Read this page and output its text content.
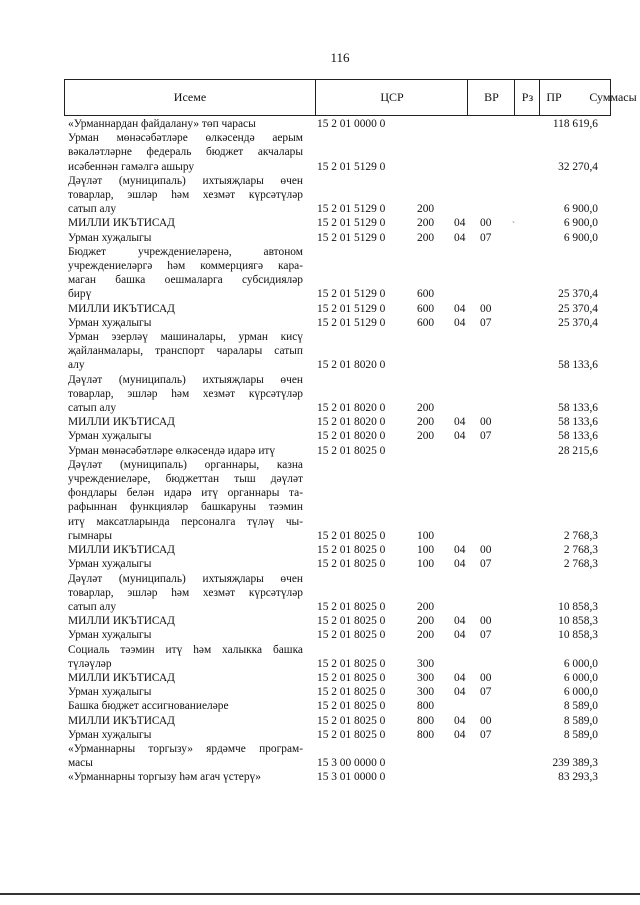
116
Исеме	ЦСР	ВР	Рз	ПР	Суммасы
«Урманнардан файдалану» төп чарасы	15 2 01 0000 0	118 619,6
Урман мөнәсәбәтләре өлкәсендә аерым
вәкаләтләрне федераль бюджет акчалары
исәбеннән гамәлгә ашыру	15 2 01 5129 0	32 270,4
Дәүләт (муниципаль) ихтыяҗлары өчен
товарлар, эшләр һәм хезмәт күрсәтүләр
сатып алу	15 2 01 5129 0	200	6 900,0
МИЛЛИ ИКЪТИСАД	15 2 01 5129 0	200 04 00	6 900,0
Урман хуҗалыгы	15 2 01 5129 0	200 04 07	6 900,0
Бюджет учреждениеләренә, автоном
учреждениеләргә һәм коммерциягә кара-
маган башка оешмаларга субсидияләр
бирү	15 2 01 5129 0	600	25 370,4
МИЛЛИ ИКЪТИСАД	15 2 01 5129 0	600 04 00	25 370,4
Урман хуҗалыгы	15 2 01 5129 0	600 04 07	25 370,4
Урман эзерләү машиналары, урман кисү
җайланмалары, транспорт чаралары сатып
алу	15 2 01 8020 0	58 133,6
Дәүләт (муниципаль) ихтыяҗлары өчен
товарлар, эшләр һәм хезмәт күрсәтүләр
сатып алу	15 2 01 8020 0	200	58 133,6
МИЛЛИ ИКЪТИСАД	15 2 01 8020 0	200 04 00	58 133,6
Урман хуҗалыгы	15 2 01 8020 0	200 04 07	58 133,6
Урман мөнәсәбәтләре өлкәсендә идарә итү	15 2 01 8025 0	28 215,6
Дәүләт (муниципаль) органнары, казна
учреждениеләре, бюджеттан тыш дәүләт
фондлары белән идарә итү органнары та-
рафыннан функцияләр башкаруны тәэмин
итү максатларында персоналга түләү чы-
гымнары	15 2 01 8025 0	100	2 768,3
МИЛЛИ ИКЪТИСАД	15 2 01 8025 0	100 04 00	2 768,3
Урман хуҗалыгы	15 2 01 8025 0	100 04 07	2 768,3
Дәүләт (муниципаль) ихтыяҗлары өчен
товарлар, эшләр һәм хезмәт күрсәтүләр
сатып алу	15 2 01 8025 0	200	10 858,3
МИЛЛИ ИКЪТИСАД	15 2 01 8025 0	200 04 00	10 858,3
Урман хуҗалыгы	15 2 01 8025 0	200 04 07	10 858,3
Социаль тәэмин итү һәм халыкка башка
түләүләр	15 2 01 8025 0	300	6 000,0
МИЛЛИ ИКЪТИСАД	15 2 01 8025 0	300 04 00	6 000,0
Урман хуҗалыгы	15 2 01 8025 0	300 04 07	6 000,0
Башка бюджет ассигнованиеләре	15 2 01 8025 0	800	8 589,0
МИЛЛИ ИКЪТИСАД	15 2 01 8025 0	800 04 00	8 589,0
Урман хуҗалыгы	15 2 01 8025 0	800 04 07	8 589,0
«Урманнарны торгызу» ярдәмче програм-
масы	15 3 00 0000 0	239 389,3
«Урманнарны торгызу һәм агач үстерү»	15 3 01 0000 0	83 293,3
ˎ
